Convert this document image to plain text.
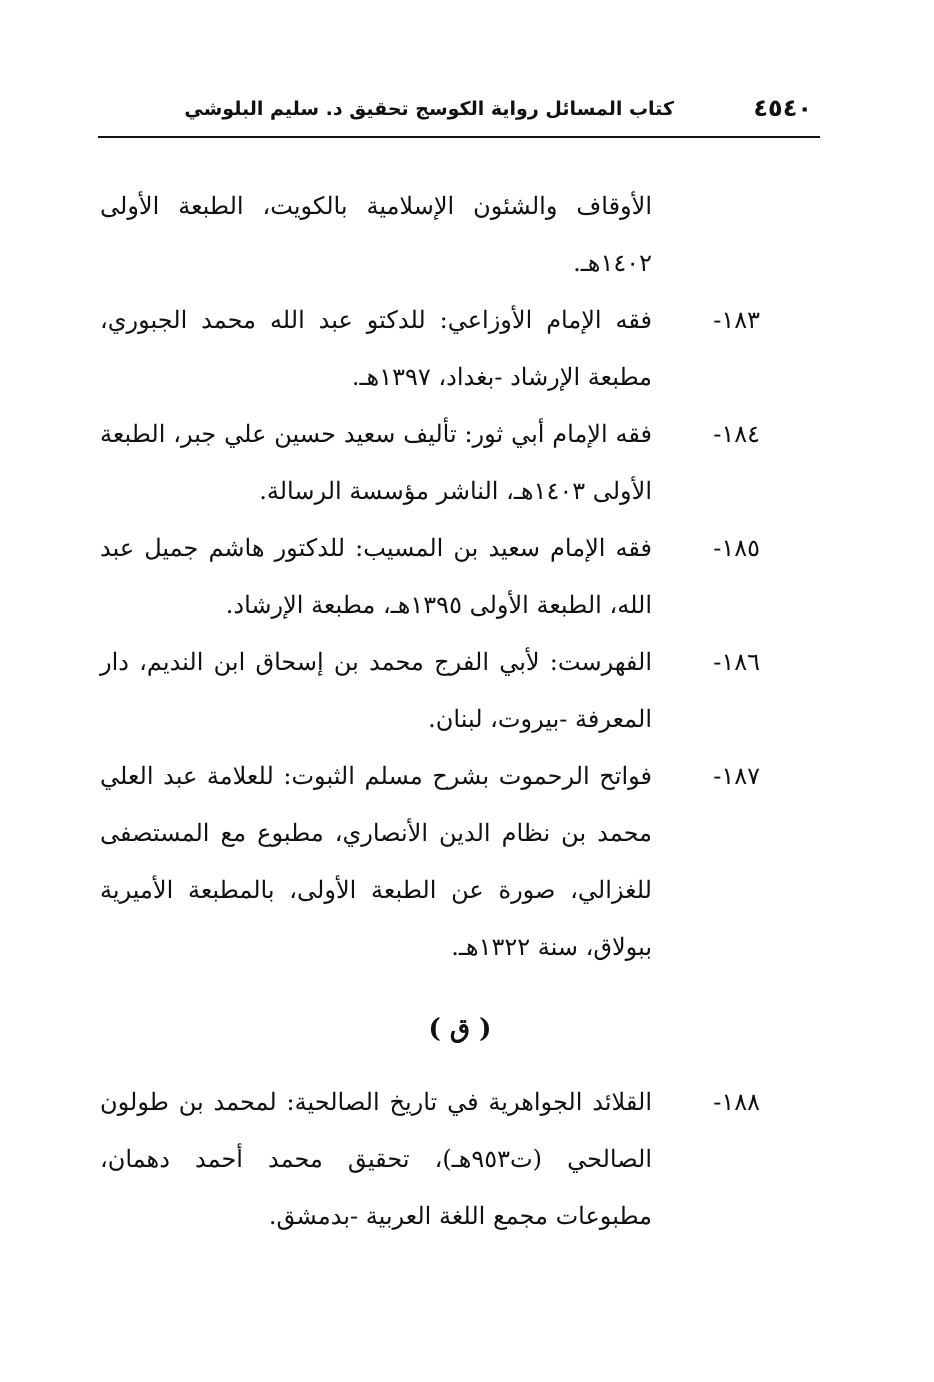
٤٥٤٠
كتاب المسائل رواية الكوسج تحقيق د. سليم البلوشي
الأوقاف والشئون الإسلامية بالكويت، الطبعة الأولى ١٤٠٢هـ.
١٨٣-
فقه الإمام الأوزاعي: للدكتو عبد الله محمد الجبوري، مطبعة الإرشاد -بغداد، ١٣٩٧هـ.
١٨٤-
فقه الإمام أبي ثور: تأليف سعيد حسين علي جبر، الطبعة الأولى ١٤٠٣هـ، الناشر مؤسسة الرسالة.
١٨٥-
فقه الإمام سعيد بن المسيب: للدكتور هاشم جميل عبد الله، الطبعة الأولى ١٣٩٥هـ، مطبعة الإرشاد.
١٨٦-
الفهرست: لأبي الفرج محمد بن إسحاق ابن النديم، دار المعرفة -بيروت، لبنان.
١٨٧-
فواتح الرحموت بشرح مسلم الثبوت: للعلامة عبد العلي محمد بن نظام الدين الأنصاري، مطبوع مع المستصفى للغزالي، صورة عن الطبعة الأولى، بالمطبعة الأميرية ببولاق، سنة ١٣٢٢هـ.
( ق )
١٨٨-
القلائد الجواهرية في تاريخ الصالحية: لمحمد بن طولون الصالحي (ت٩٥٣هـ)، تحقيق محمد أحمد دهمان، مطبوعات مجمع اللغة العربية -بدمشق.
